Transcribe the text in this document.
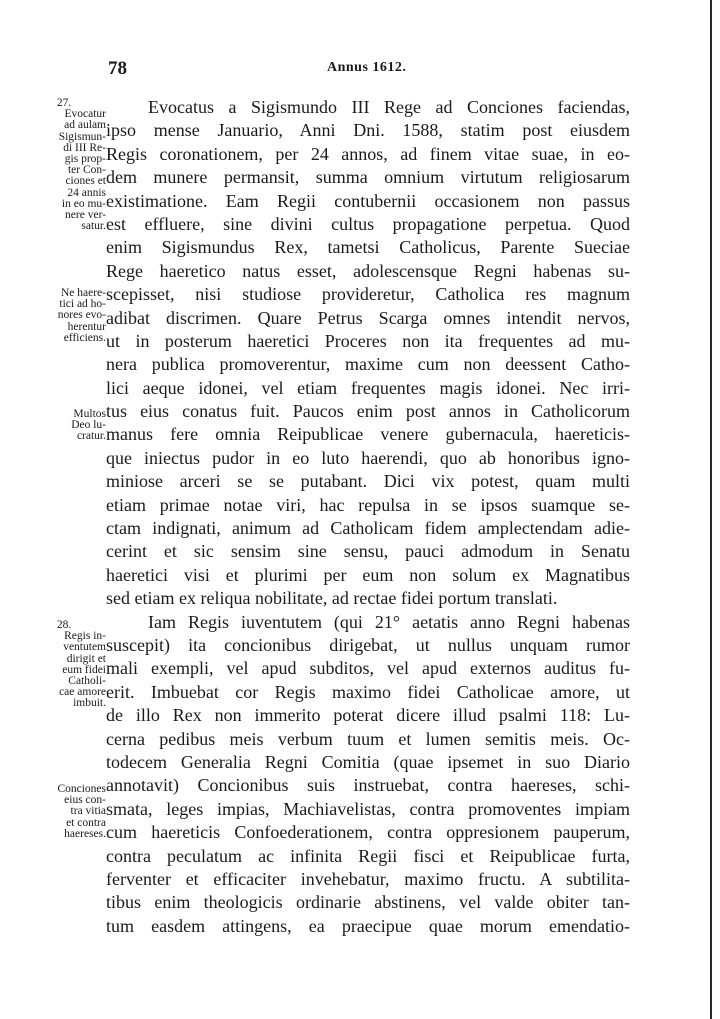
78	Annus 1612.
27.
Evocatur
ad aulam
Sigismun-
di III Re-
gis prop-
ter Con-
ciones et
24 annis
in eo mu-
nere ver-
satur.
Ne haere-
tici ad ho-
nores evo-
herentur
efficiens.
Multos
Deo lu-
cratur.
28.
Regis in-
ventutem
dirigit et
eum fidei
Catholi-
cae amore
imbuit.
Conciones
eius con-
tra vitia
et contra
haereses.
Evocatus a Sigismundo III Rege ad Conciones faciendas,
ipso mense Januario, Anni Dni. 1588, statim post eiusdem
Regis coronationem, per 24 annos, ad finem vitae suae, in eo-
dem munere permansit, summa omnium virtutum religiosarum
existimatione. Eam Regii contubernii occasionem non passus
est effluere, sine divini cultus propagatione perpetua. Quod
enim Sigismundus Rex, tametsi Catholicus, Parente Sueciae
Rege haeretico natus esset, adolescensque Regni habenas su-
scepisset, nisi studiose provideretur, Catholica res magnum
adibat discrimen. Quare Petrus Scarga omnes intendit nervos,
ut in posterum haeretici Proceres non ita frequentes ad mu-
nera publica promoverentur, maxime cum non deessent Catho-
lici aeque idonei, vel etiam frequentes magis idonei. Nec irri-
tus eius conatus fuit. Paucos enim post annos in Catholicorum
manus fere omnia Reipublicae venere gubernacula, haereticis-
que iniectus pudor in eo luto haerendi, quo ab honoribus igno-
miniose arceri se se putabant. Dici vix potest, quam multi
etiam primae notae viri, hac repulsa in se ipsos suamque se-
ctam indignati, animum ad Catholicam fidem amplectendam adie-
cerint et sic sensim sine sensu, pauci admodum in Senatu
haeretici visi et plurimi per eum non solum ex Magnatibus
sed etiam ex reliqua nobilitate, ad rectae fidei portum translati.
Iam Regis iuventutem (qui 21° aetatis anno Regni habenas
suscepit) ita concionibus dirigebat, ut nullus unquam rumor
mali exempli, vel apud subditos, vel apud externos auditus fu-
erit. Imbuebat cor Regis maximo fidei Catholicae amore, ut
de illo Rex non immerito poterat dicere illud psalmi 118: Lu-
cerna pedibus meis verbum tuum et lumen semitis meis. Oc-
todecem Generalia Regni Comitia (quae ipsemet in suo Diario
annotavit) Concionibus suis instruebat, contra haereses, schi-
smata, leges impias, Machiavelistas, contra promoventes impiam
cum haereticis Confoederationem, contra oppresionem pauperum,
contra peculatum ac infinita Regii fisci et Reipublicae furta,
ferventer et efficaciter invehebatur, maximo fructu. A subtilita-
tibus enim theologicis ordinarie abstinens, vel valde obiter tan-
tum easdem attingens, ea praecipue quae morum emendatio-
